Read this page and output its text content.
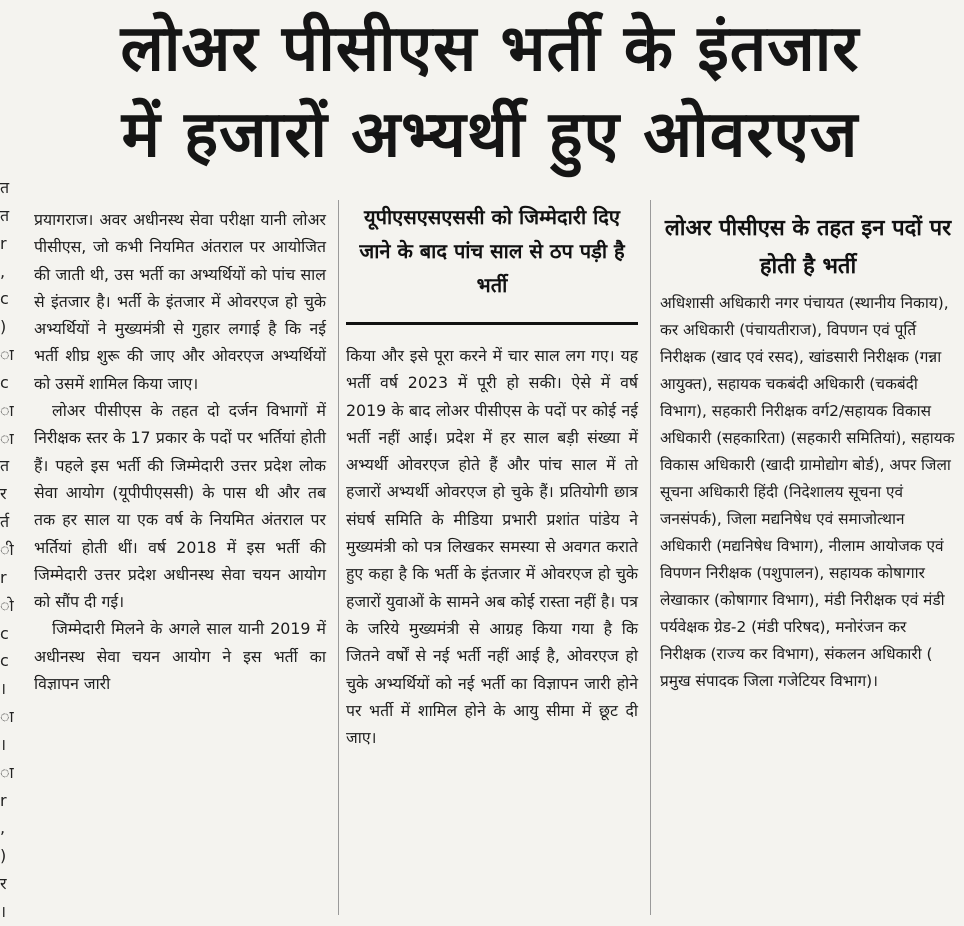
त
त
r
,
c
)
ा
c
ा
ा
त
र
र्त
ी
r
ो
c
c
।
ा
।
ा
r
,
)
र
।
लोअर पीसीएस भर्ती के इंतजार
में हजारों अभ्यर्थी हुए ओवरएज

प्रयागराज। अवर अधीनस्थ सेवा परीक्षा यानी लोअर पीसीएस, जो कभी नियमित अंतराल पर आयोजित की जाती थी, उस भर्ती का अभ्यर्थियों को पांच साल से इंतजार है। भर्ती के इंतजार में ओवरएज हो चुके अभ्यर्थियों ने मुख्यमंत्री से गुहार लगाई है कि नई भर्ती शीघ्र शुरू की जाए और ओवरएज अभ्यर्थियों को उसमें शामिल किया जाए।

लोअर पीसीएस के तहत दो दर्जन विभागों में निरीक्षक स्तर के 17 प्रकार के पदों पर भर्तियां होती हैं। पहले इस भर्ती की जिम्मेदारी उत्तर प्रदेश लोक सेवा आयोग (यूपीपीएससी) के पास थी और तब तक हर साल या एक वर्ष के नियमित अंतराल पर भर्तियां होती थीं। वर्ष 2018 में इस भर्ती की जिम्मेदारी उत्तर प्रदेश अधीनस्थ सेवा चयन आयोग को सौंप दी गई।

जिम्मेदारी मिलने के अगले साल यानी 2019 में अधीनस्थ सेवा चयन आयोग ने इस भर्ती का विज्ञापन जारी

यूपीएसएसएससी को जिम्मेदारी दिए जाने के बाद पांच साल से ठप पड़ी है भर्ती

किया और इसे पूरा करने में चार साल लग गए। यह भर्ती वर्ष 2023 में पूरी हो सकी। ऐसे में वर्ष 2019 के बाद लोअर पीसीएस के पदों पर कोई नई भर्ती नहीं आई। प्रदेश में हर साल बड़ी संख्या में अभ्यर्थी ओवरएज होते हैं और पांच साल में तो हजारों अभ्यर्थी ओवरएज हो चुके हैं। प्रतियोगी छात्र संघर्ष समिति के मीडिया प्रभारी प्रशांत पांडेय ने मुख्यमंत्री को पत्र लिखकर समस्या से अवगत कराते हुए कहा है कि भर्ती के इंतजार में ओवरएज हो चुके हजारों युवाओं के सामने अब कोई रास्ता नहीं है। पत्र के जरिये मुख्यमंत्री से आग्रह किया गया है कि जितने वर्षों से नई भर्ती नहीं आई है, ओवरएज हो चुके अभ्यर्थियों को नई भर्ती का विज्ञापन जारी होने पर भर्ती में शामिल होने के आयु सीमा में छूट दी जाए।

लोअर पीसीएस के तहत इन पदों पर होती है भर्ती

अधिशासी अधिकारी नगर पंचायत (स्थानीय निकाय), कर अधिकारी (पंचायतीराज), विपणन एवं पूर्ति निरीक्षक (खाद एवं रसद), खांडसारी निरीक्षक (गन्ना आयुक्त), सहायक चकबंदी अधिकारी (चकबंदी विभाग), सहकारी निरीक्षक वर्ग2/सहायक विकास अधिकारी (सहकारिता) (सहकारी समितियां), सहायक विकास अधिकारी (खादी ग्रामोद्योग बोर्ड), अपर जिला सूचना अधिकारी हिंदी (निदेशालय सूचना एवं जनसंपर्क), जिला मद्यनिषेध एवं समाजोत्थान अधिकारी (मद्यनिषेध विभाग), नीलाम आयोजक एवं विपणन निरीक्षक (पशुपालन), सहायक कोषागार लेखाकार (कोषागार विभाग), मंडी निरीक्षक एवं मंडी पर्यवेक्षक ग्रेड-2 (मंडी परिषद), मनोरंजन कर निरीक्षक (राज्य कर विभाग), संकलन अधिकारी ( प्रमुख संपादक जिला गजेटियर विभाग)।
